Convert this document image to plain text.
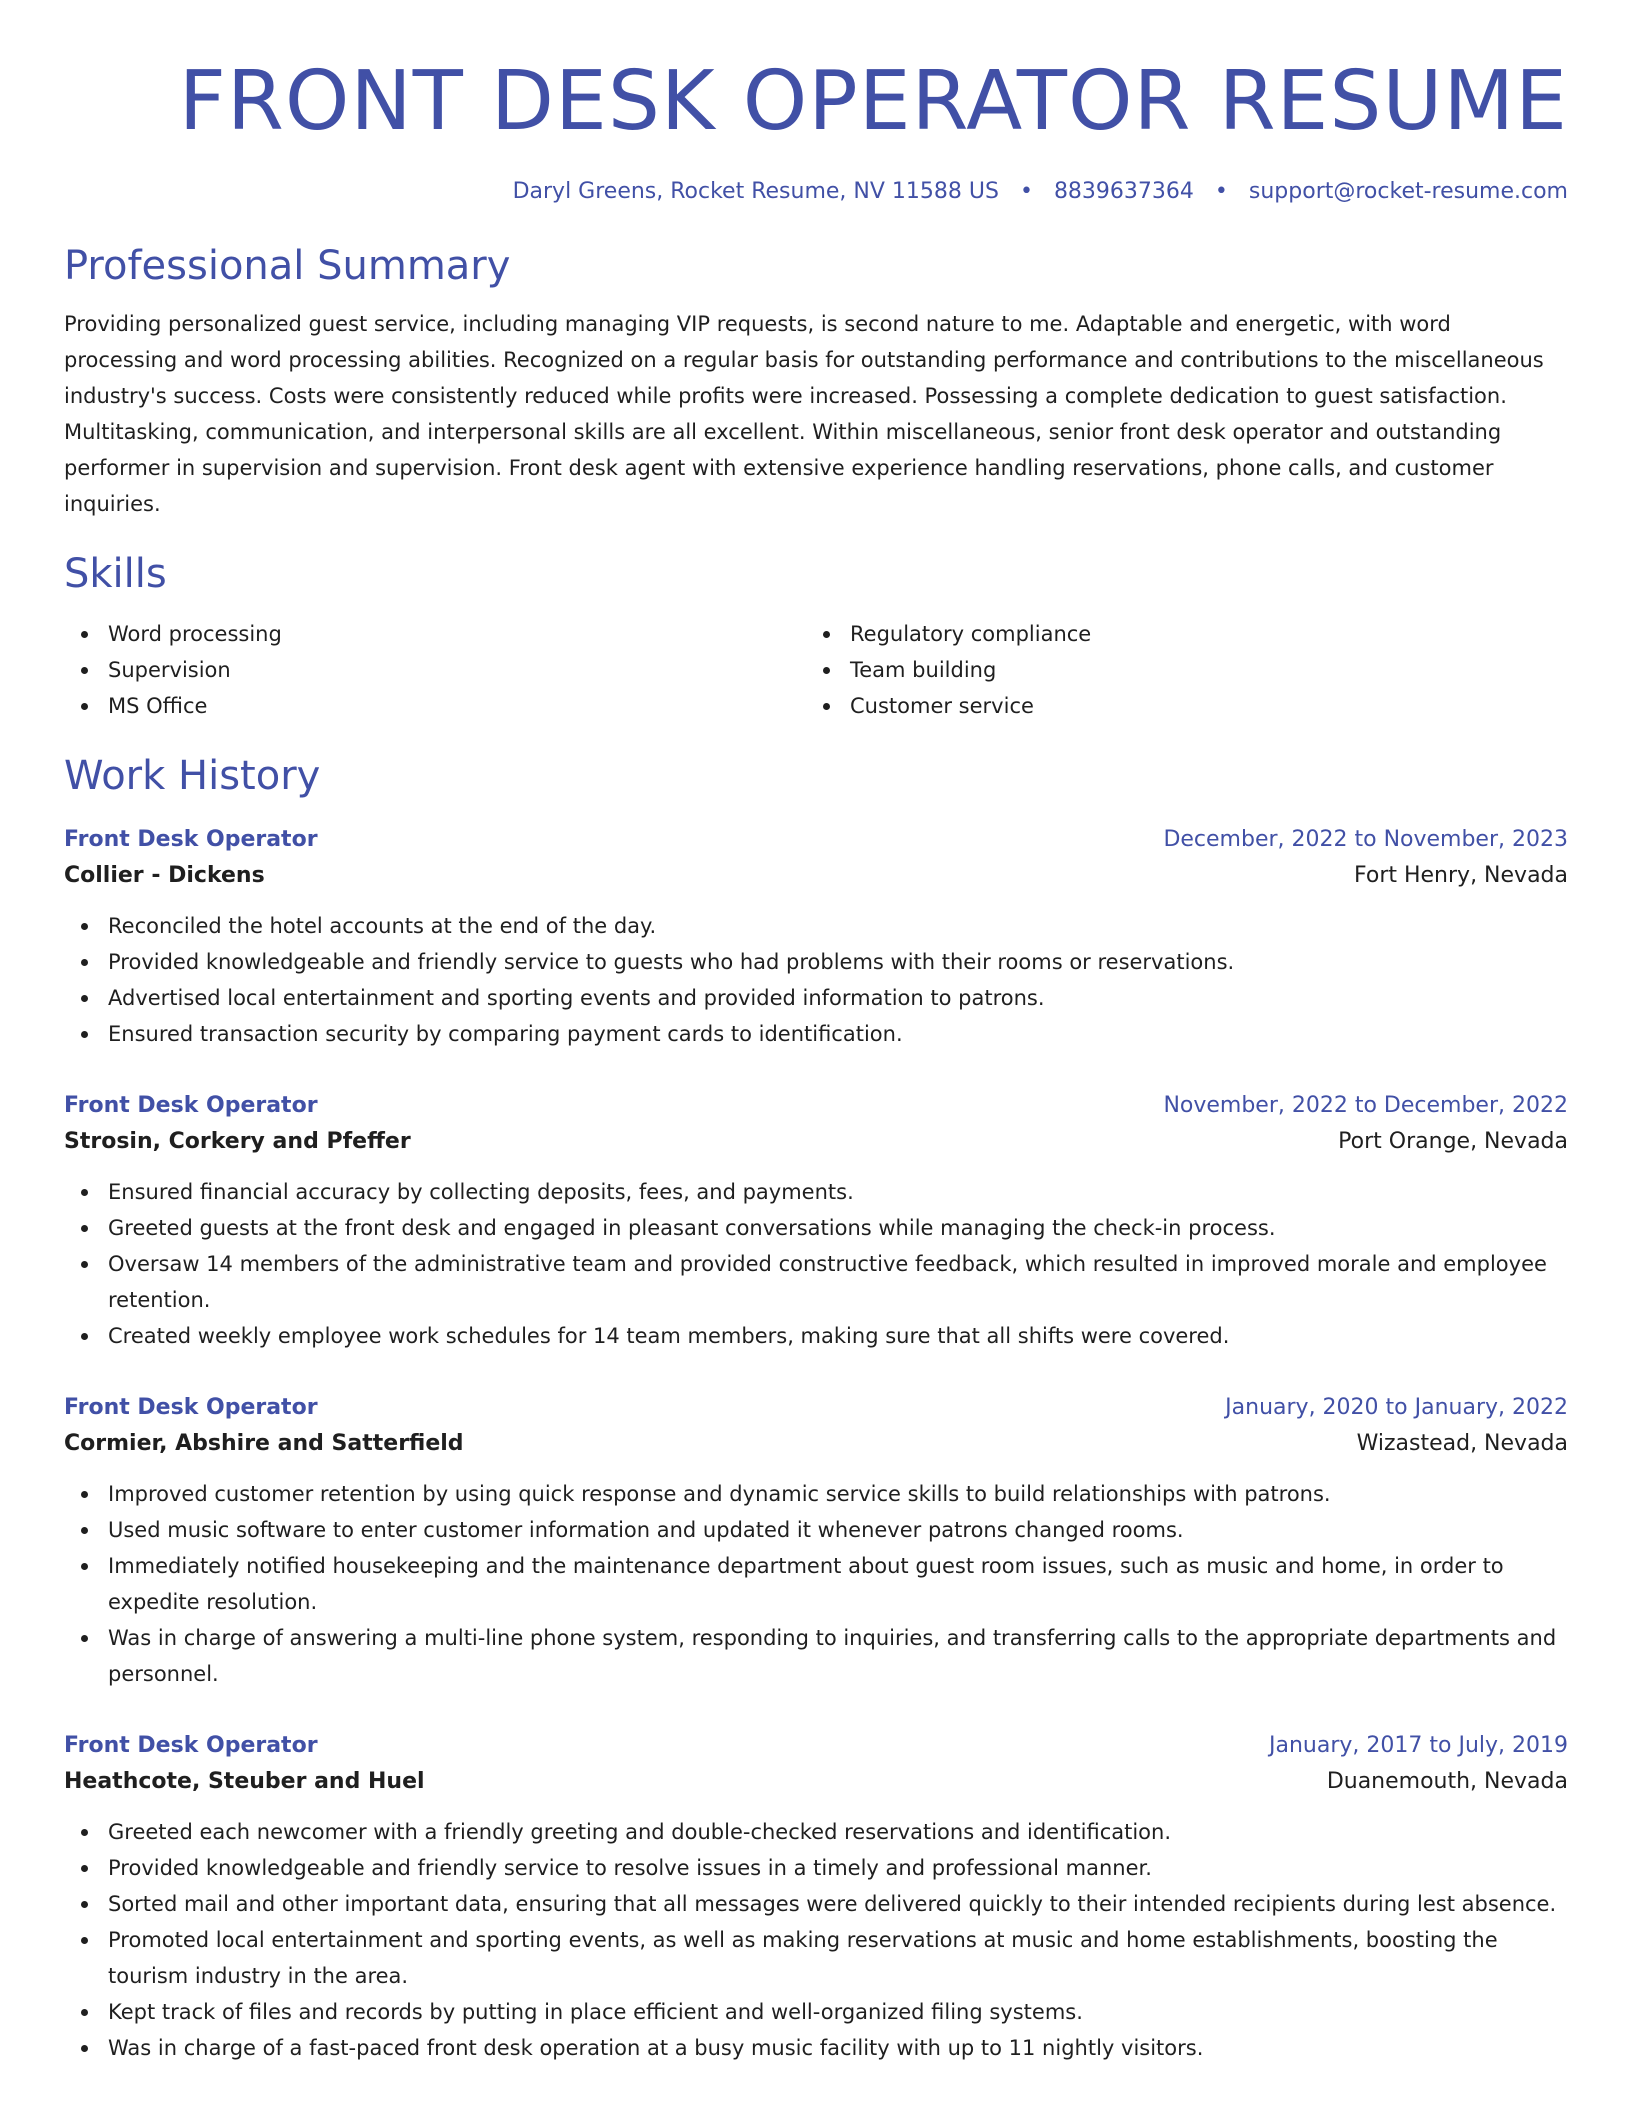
FRONT DESK OPERATOR RESUME
Daryl Greens, Rocket Resume, NV 11588 US • 8839637364 • support@rocket-resume.com
Professional Summary

Providing personalized guest service, including managing VIP requests, is second nature to me. Adaptable and energetic, with word processing and word processing abilities. Recognized on a regular basis for outstanding performance and contributions to the miscellaneous industry's success. Costs were consistently reduced while profits were increased. Possessing a complete dedication to guest satisfaction. Multitasking, communication, and interpersonal skills are all excellent. Within miscellaneous, senior front desk operator and outstanding performer in supervision and supervision. Front desk agent with extensive experience handling reservations, phone calls, and customer inquiries.

Skills
Word processing
Supervision
MS Office
Regulatory compliance
Team building
Customer service
Work History
Front Desk Operator	December, 2022 to November, 2023
Collier - Dickens	Fort Henry, Nevada
Reconciled the hotel accounts at the end of the day.
Provided knowledgeable and friendly service to guests who had problems with their rooms or reservations.
Advertised local entertainment and sporting events and provided information to patrons.
Ensured transaction security by comparing payment cards to identification.
Front Desk Operator	November, 2022 to December, 2022
Strosin, Corkery and Pfeffer	Port Orange, Nevada
Ensured financial accuracy by collecting deposits, fees, and payments.
Greeted guests at the front desk and engaged in pleasant conversations while managing the check-in process.
Oversaw 14 members of the administrative team and provided constructive feedback, which resulted in improved morale and employee retention.
Created weekly employee work schedules for 14 team members, making sure that all shifts were covered.
Front Desk Operator	January, 2020 to January, 2022
Cormier, Abshire and Satterfield	Wizastead, Nevada
Improved customer retention by using quick response and dynamic service skills to build relationships with patrons.
Used music software to enter customer information and updated it whenever patrons changed rooms.
Immediately notified housekeeping and the maintenance department about guest room issues, such as music and home, in order to expedite resolution.
Was in charge of answering a multi-line phone system, responding to inquiries, and transferring calls to the appropriate departments and personnel.
Front Desk Operator	January, 2017 to July, 2019
Heathcote, Steuber and Huel	Duanemouth, Nevada
Greeted each newcomer with a friendly greeting and double-checked reservations and identification.
Provided knowledgeable and friendly service to resolve issues in a timely and professional manner.
Sorted mail and other important data, ensuring that all messages were delivered quickly to their intended recipients during lest absence.
Promoted local entertainment and sporting events, as well as making reservations at music and home establishments, boosting the tourism industry in the area.
Kept track of files and records by putting in place efficient and well-organized filing systems.
Was in charge of a fast-paced front desk operation at a busy music facility with up to 11 nightly visitors.
